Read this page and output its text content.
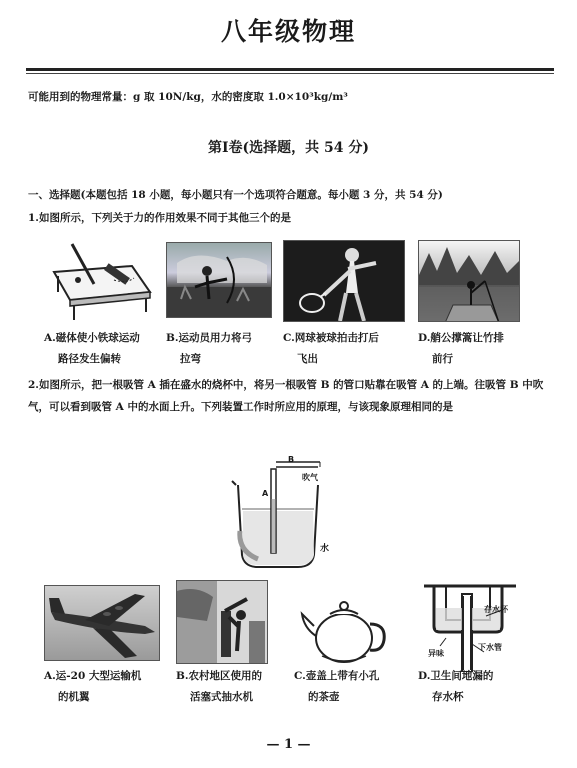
八年级物理
可能用到的物理常量：g 取 10N/kg，水的密度取 1.0×10³kg/m³
第Ⅰ卷(选择题，共 54 分)
一、选择题(本题包括 18 小题，每小题只有一个选项符合题意。每小题 3 分，共 54 分)
1.如图所示，下列关于力的作用效果不同于其他三个的是
A.磁体使小铁球运动
路径发生偏转
B.运动员用力将弓
拉弯
C.网球被球拍击打后
飞出
D.艄公撑篙让竹排
前行
2.如图所示，把一根吸管 A 插在盛水的烧杯中，将另一根吸管 B 的管口贴靠在吸管 A 的上端。往吸管 B 中吹气，可以看到吸管 A 中的水面上升。下列装置工作时所应用的原理，与该现象原理相同的是
B
吹气
A
水
存水杯
异味
下水管
A.运-20 大型运输机
的机翼
B.农村地区使用的
活塞式抽水机
C.壶盖上带有小孔
的茶壶
D.卫生间地漏的
存水杯
— 1 —
